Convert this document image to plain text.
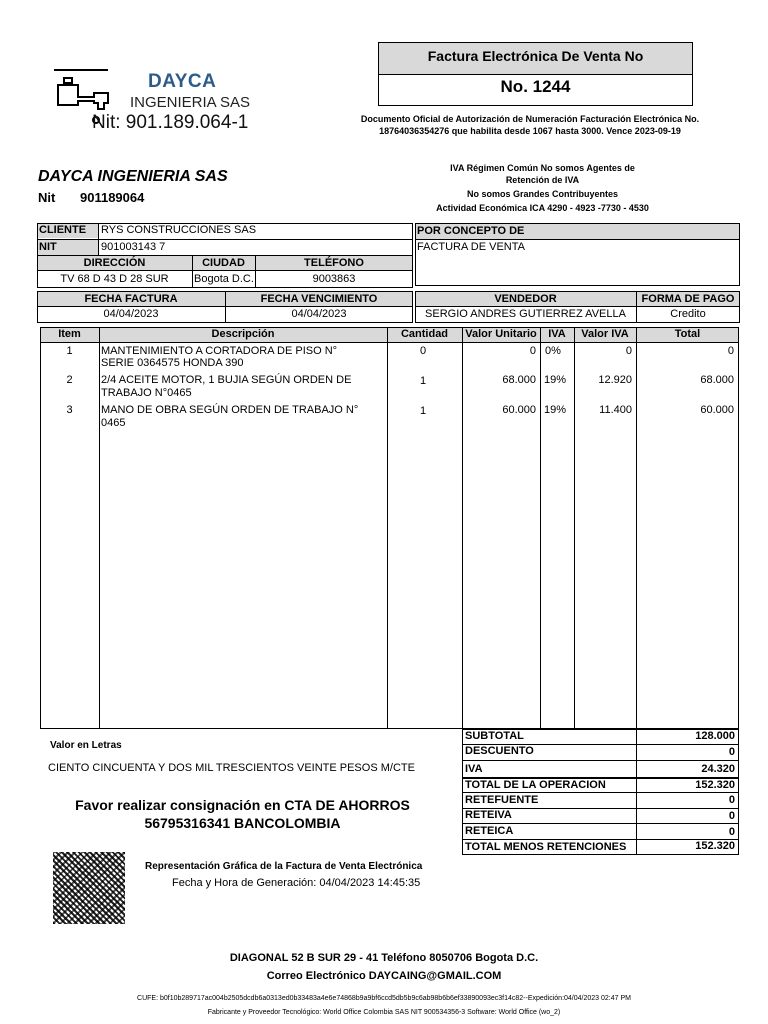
DAYCA
INGENIERIA SAS
Nit: 901.189.064-1
Factura Electrónica De Venta No
No. 1244
Documento Oficial de Autorización de Numeración Facturación Electrónica No.
18764036354276 que habilita desde 1067 hasta 3000. Vence 2023-09-19
DAYCA INGENIERIA SAS
Nit 901189064
IVA Régimen Común No somos Agentes de
Retención de IVA
No somos Grandes Contribuyentes
Actividad Económica ICA 4290 - 4923 -7730 - 4530
CLIENTE RYS CONSTRUCCIONES SAS
NIT	901003143 7
DIRECCIÓN	CIUDAD	TELÉFONO
TV 68 D 43 D 28 SUR	Bogota D.C.	9003863
POR CONCEPTO DE
FACTURA DE VENTA
FECHA FACTURA	FECHA VENCIMIENTO
04/04/2023	04/04/2023
VENDEDOR	FORMA DE PAGO
SERGIO ANDRES GUTIERREZ AVELLA	Credito
Item	Descripción	Cantidad	Valor Unitario	IVA	Valor IVA	Total
1	MANTENIMIENTO A CORTADORA DE PISO N°
SERIE 0364575 HONDA 390
0	0 0%	0	0
2	2/4 ACEITE MOTOR, 1 BUJIA SEGÚN ORDEN DE
TRABAJO N°0465
1	68.000 19%	12.920	68.000
3	MANO DE OBRA SEGÚN ORDEN DE TRABAJO N°
0465
1	60.000 19%	11.400	60.000
SUBTOTAL	128.000
DESCUENTO	0
IVA	24.320
TOTAL DE LA OPERACION	152.320
RETEFUENTE	0
RETEIVA	0
RETEICA	0
TOTAL MENOS RETENCIONES	152.320
Valor en Letras
CIENTO CINCUENTA Y DOS MIL TRESCIENTOS VEINTE PESOS M/CTE
Favor realizar consignación en CTA DE AHORROS
56795316341 BANCOLOMBIA
Representación Gráfica de la Factura de Venta Electrónica
Fecha y Hora de Generación: 04/04/2023 14:45:35
DIAGONAL 52 B SUR 29 - 41 Teléfono 8050706 Bogota D.C.
Correo Electrónico DAYCAING@GMAIL.COM
CUFE: b0f10b289717ac004b2505dcdb6a0313ed0b33483a4e6e74868b9a9bf6ccd5db5b9c6ab98b6b6ef33890093ec3f14c82--Expedición:04/04/2023 02:47 PM
Fabricante y Proveedor Tecnológico: World Office Colombia SAS NIT 900534356-3 Software: World Office (wo_2)
